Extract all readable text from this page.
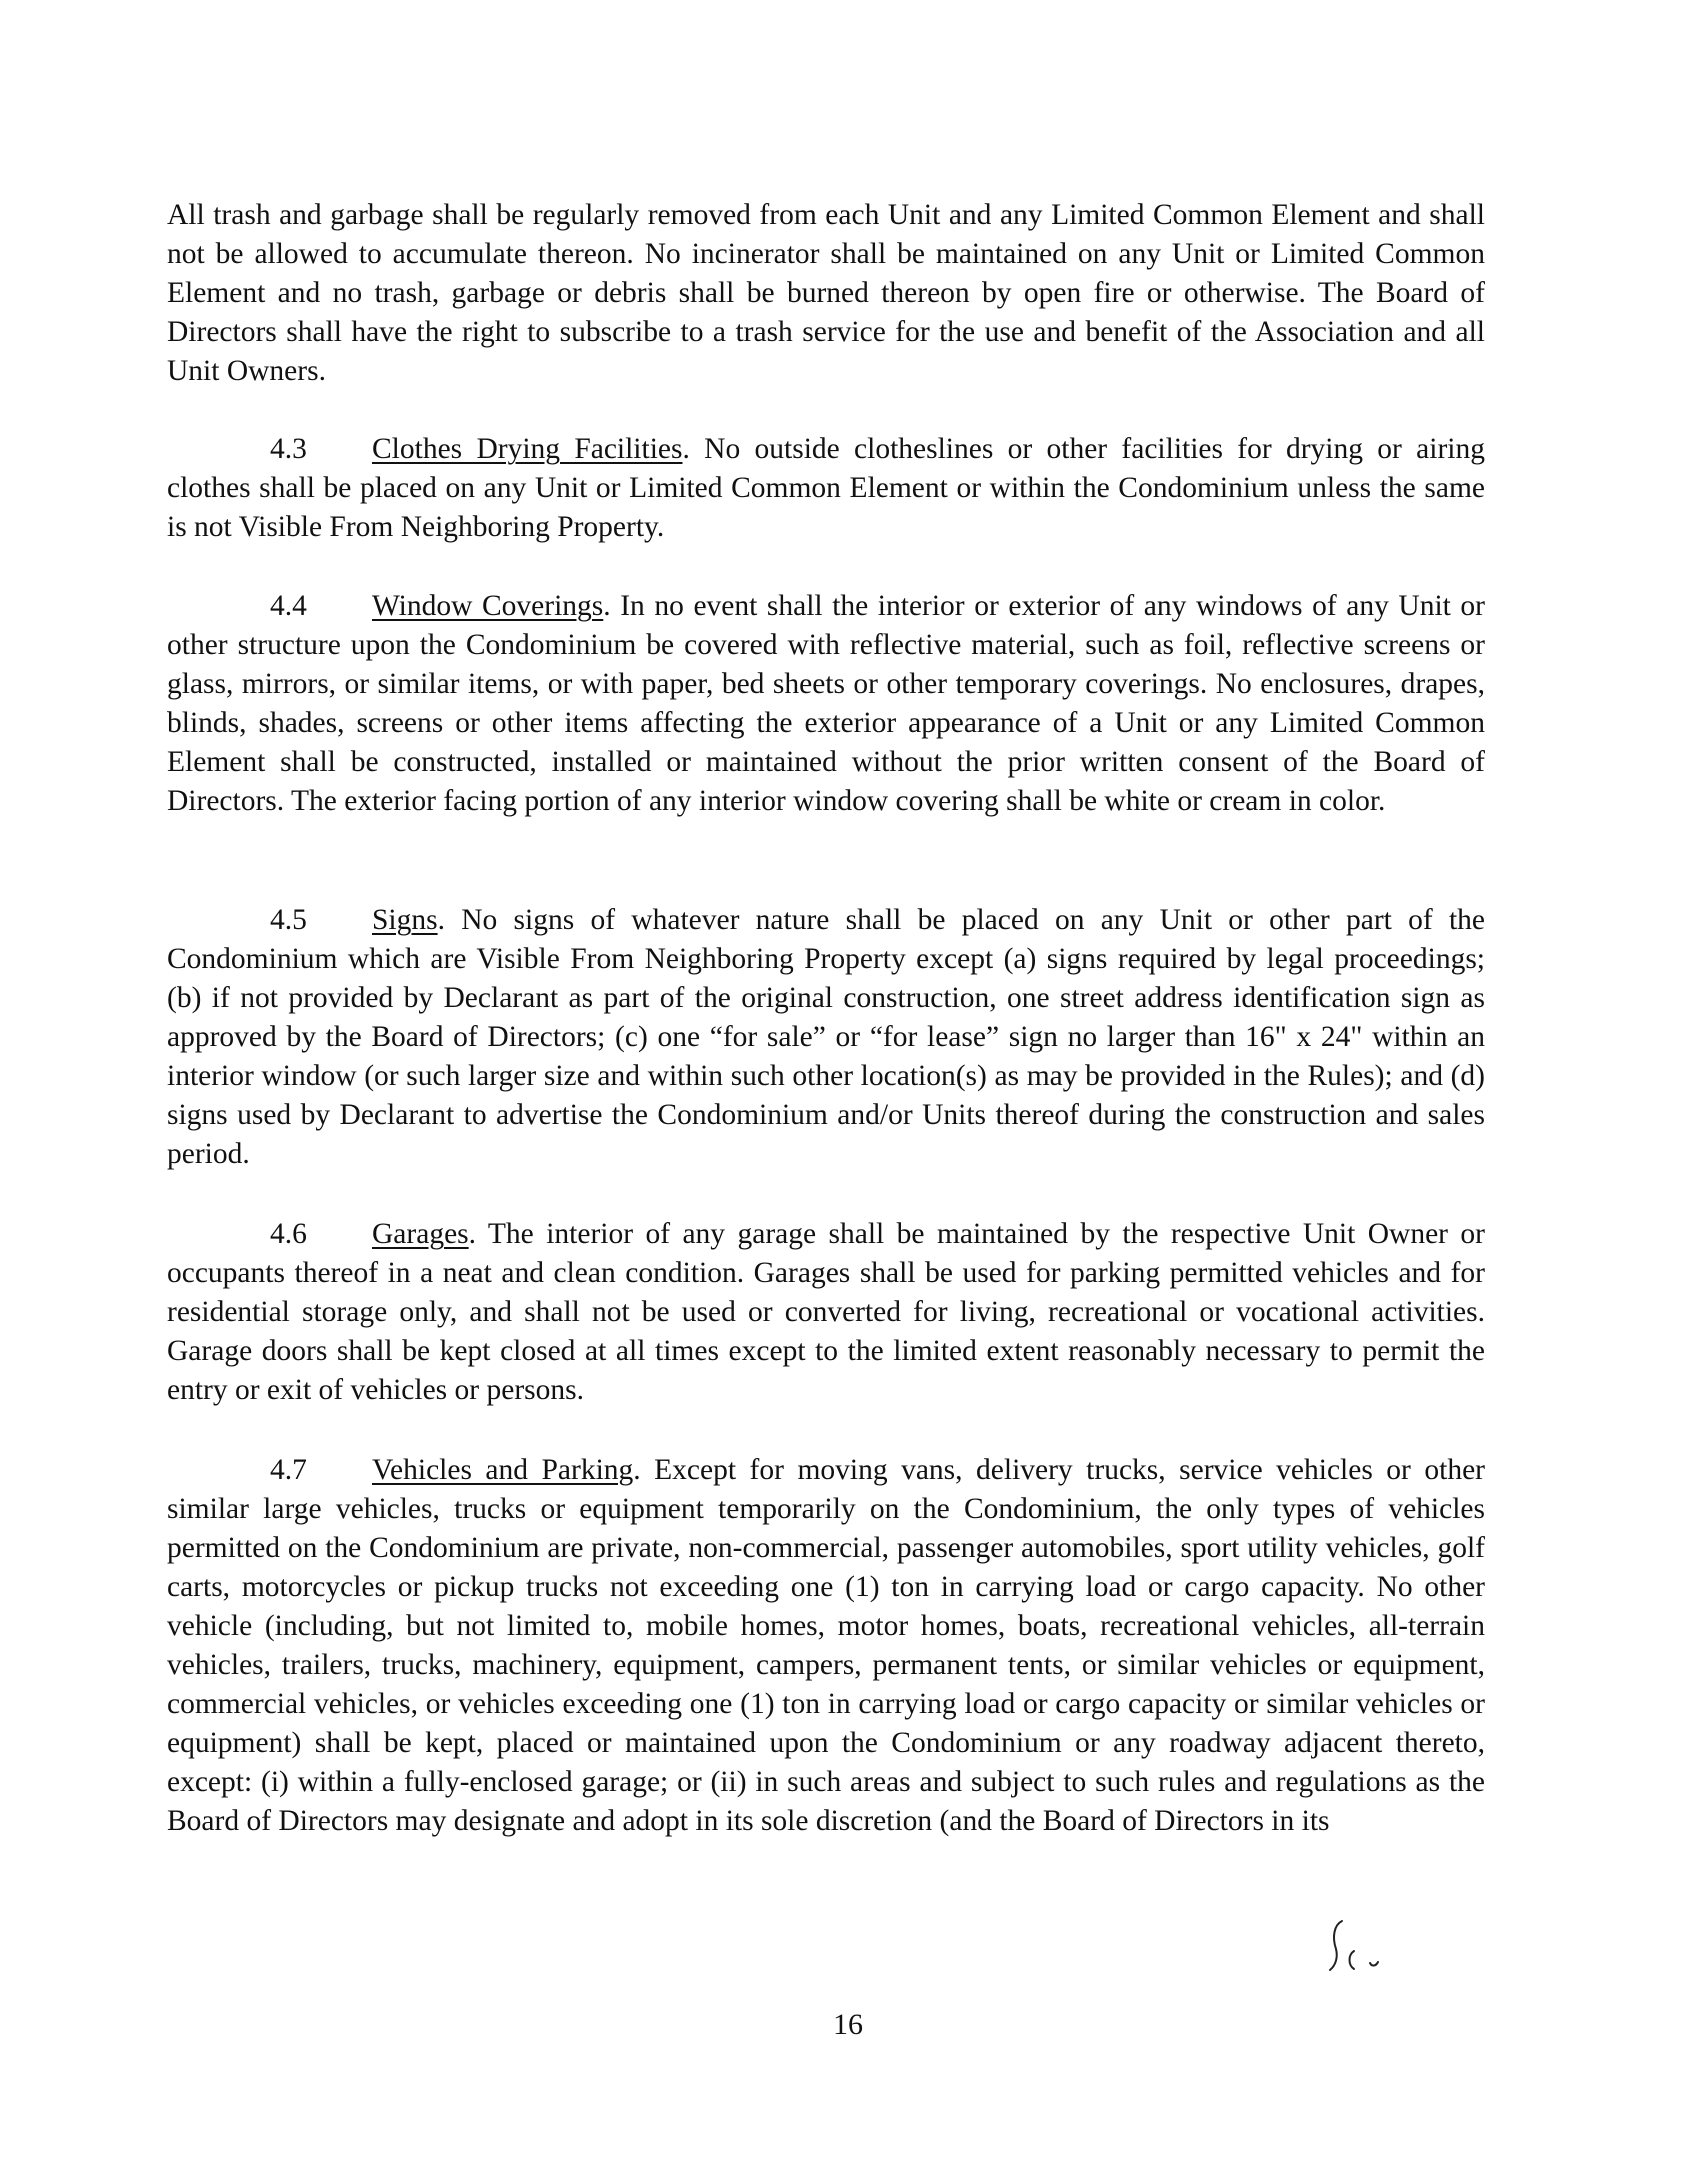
All trash and garbage shall be regularly removed from each Unit and any Limited Common Element and shall not be allowed to accumulate thereon. No incinerator shall be maintained on any Unit or Limited Common Element and no trash, garbage or debris shall be burned thereon by open fire or otherwise. The Board of Directors shall have the right to subscribe to a trash service for the use and benefit of the Association and all Unit Owners.

4.3 Clothes Drying Facilities. No outside clotheslines or other facilities for drying or airing clothes shall be placed on any Unit or Limited Common Element or within the Condominium unless the same is not Visible From Neighboring Property.

4.4 Window Coverings. In no event shall the interior or exterior of any windows of any Unit or other structure upon the Condominium be covered with reflective material, such as foil, reflective screens or glass, mirrors, or similar items, or with paper, bed sheets or other temporary coverings. No enclosures, drapes, blinds, shades, screens or other items affecting the exterior appearance of a Unit or any Limited Common Element shall be constructed, installed or maintained without the prior written consent of the Board of Directors. The exterior facing portion of any interior window covering shall be white or cream in color.

4.5 Signs. No signs of whatever nature shall be placed on any Unit or other part of the Condominium which are Visible From Neighboring Property except (a) signs required by legal proceedings; (b) if not provided by Declarant as part of the original construction, one street address identification sign as approved by the Board of Directors; (c) one “for sale” or “for lease” sign no larger than 16" x 24" within an interior window (or such larger size and within such other location(s) as may be provided in the Rules); and (d) signs used by Declarant to advertise the Condominium and/or Units thereof during the construction and sales period.

4.6 Garages. The interior of any garage shall be maintained by the respective Unit Owner or occupants thereof in a neat and clean condition. Garages shall be used for parking permitted vehicles and for residential storage only, and shall not be used or converted for living, recreational or vocational activities. Garage doors shall be kept closed at all times except to the limited extent reasonably necessary to permit the entry or exit of vehicles or persons.

4.7 Vehicles and Parking. Except for moving vans, delivery trucks, service vehicles or other similar large vehicles, trucks or equipment temporarily on the Condominium, the only types of vehicles permitted on the Condominium are private, non-commercial, passenger automobiles, sport utility vehicles, golf carts, motorcycles or pickup trucks not exceeding one (1) ton in carrying load or cargo capacity. No other vehicle (including, but not limited to, mobile homes, motor homes, boats, recreational vehicles, all-terrain vehicles, trailers, trucks, machinery, equipment, campers, permanent tents, or similar vehicles or equipment, commercial vehicles, or vehicles exceeding one (1) ton in carrying load or cargo capacity or similar vehicles or equipment) shall be kept, placed or maintained upon the Condominium or any roadway adjacent thereto, except: (i) within a fully-enclosed garage; or (ii) in such areas and subject to such rules and regulations as the Board of Directors may designate and adopt in its sole discretion (and the Board of Directors in its

16
